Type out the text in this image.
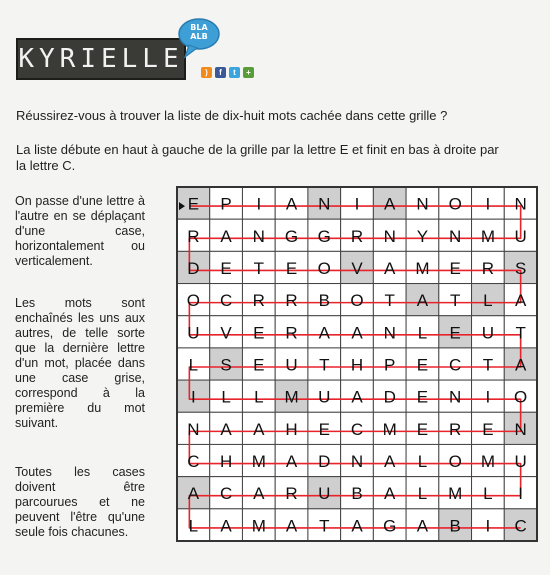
KYRIELLE
BLA
ALB
)	f	t	+
Réussirez-vous à trouver la liste de dix-huit mots cachée dans cette grille ?
La liste débute en haut à gauche de la grille par la lettre E et finit en bas à droite par
la lettre C.

On passe d'une lettre à l'autre en se déplaçant d'une case, horizontalement ou verticalement.

Les mots sont enchaînés les uns aux autres, de telle sorte que la dernière lettre d'un mot, placée dans une case grise, correspond à la première du mot suivant.

Toutes les cases doivent être parcourues et ne peuvent l'être qu'une seule fois chacunes.

E P I A N I A N O I N
R A N G G R N Y N M U
D E T E O V A M E R S
O C R R B O T A T L A
U V E R A A N L E U T
L S E U T H P E C T A
I L L M U A D E N I O
N A A H E C M E R E N
C H M A D N A L O M U
A C A R U B A L M L I
L A M A T A G A B I C
